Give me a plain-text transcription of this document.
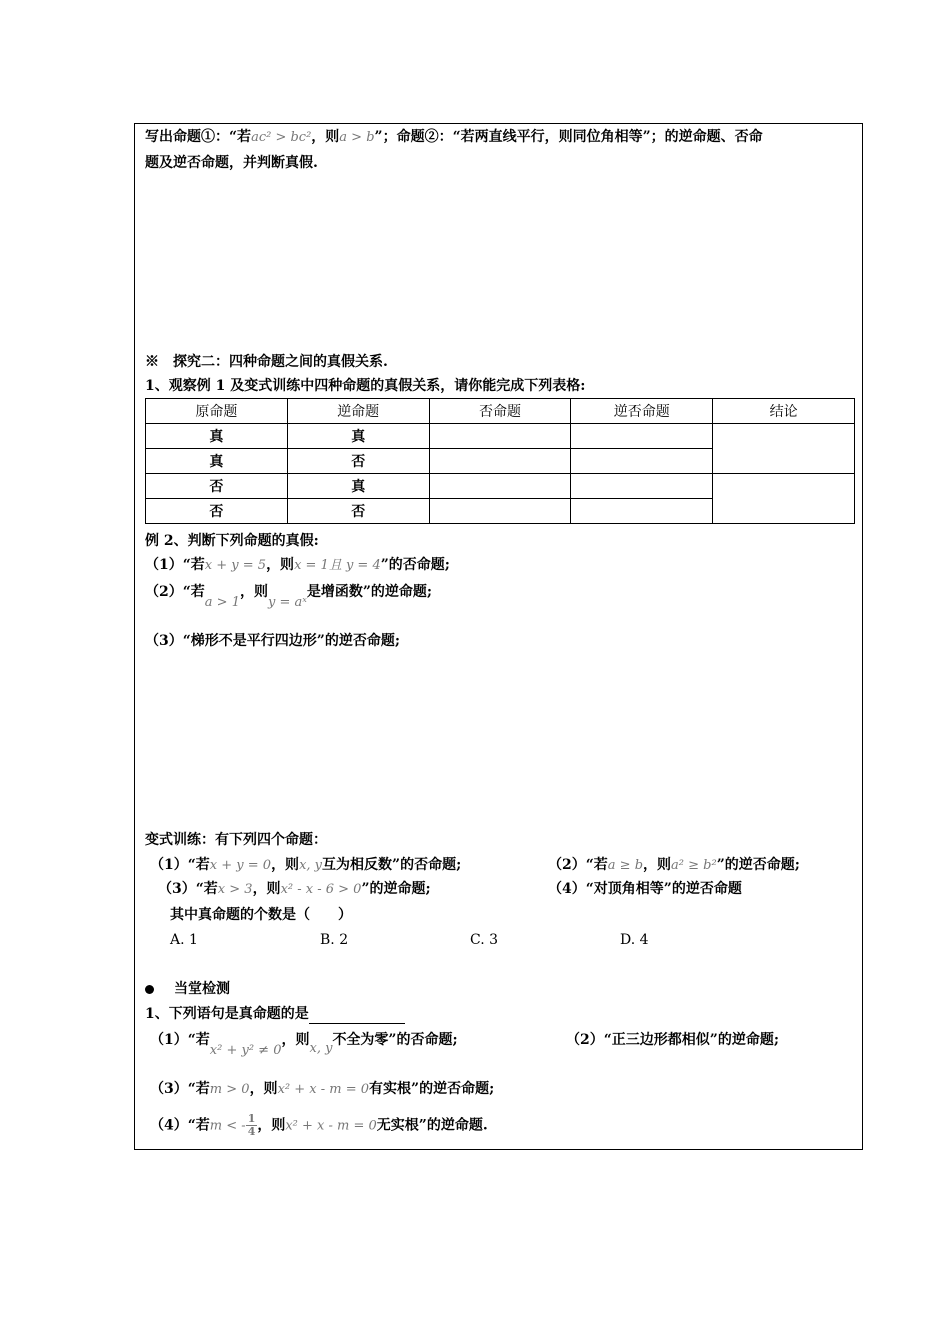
写出命题①：“若ac² > bc²，则a > b”；命题②：“若两直线平行，则同位角相等”；的逆命题、否命
题及逆否命题，并判断真假.
※　探究二：四种命题之间的真假关系.
1、观察例 1 及变式训练中四种命题的真假关系，请你能完成下列表格:
原命题	逆命题	否命题	逆否命题	结论
真	真			
真	否			
否	真			
否	否			
例 2、判断下列命题的真假:
（1）“若x + y = 5，则x = 1且 y = 4”的否命题;
（2）“若a > 1，则y = aˣ是增函数”的逆命题;
（3）“梯形不是平行四边形”的逆否命题;
变式训练：有下列四个命题：
（1）“若x + y = 0，则x, y互为相反数”的否命题;	（2）“若a ≥ b，则a² ≥ b²”的逆否命题;
（3）“若x > 3，则x² - x - 6 > 0”的逆命题;	（4）“对顶角相等”的逆否命题
其中真命题的个数是（　　）
A. 1	B. 2	C. 3	D. 4
当堂检测
1、下列语句是真命题的是
（1）“若x² + y² ≠ 0，则x, y不全为零”的否命题;	（2）“正三边形都相似”的逆命题;
（3）“若m > 0，则x² + x - m = 0有实根”的逆否命题;
（4）“若m < - $\frac{1}{4}$ ，则x² + x - m = 0无实根”的逆命题.
